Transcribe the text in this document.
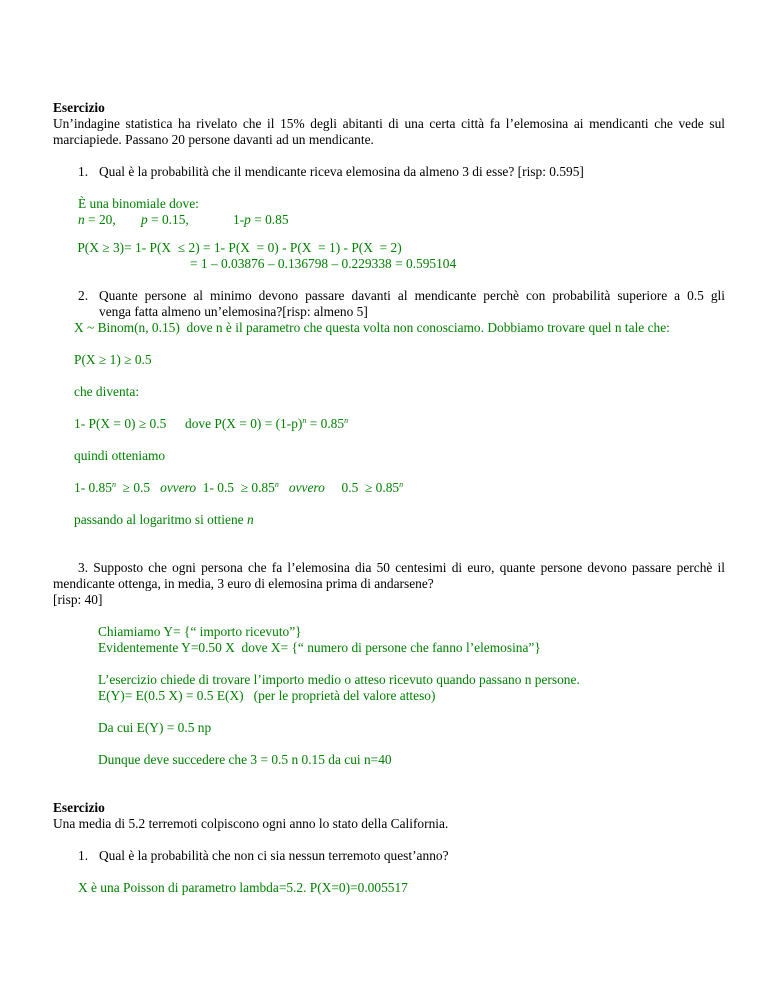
Esercizio
Un’indagine statistica ha rivelato che il 15% degli abitanti di una certa città fa l’elemosina ai mendicanti che vede sul
marciapiede. Passano 20 persone davanti ad un mendicante.
1. Qual è la probabilità che il mendicante riceva elemosina da almeno 3 di esse? [risp: 0.595]
È una binomiale dove:
n = 20, p = 0.15,	1-p = 0.85
P(X ≥ 3)= 1- P(X  ≤ 2) = 1- P(X  = 0) - P(X  = 1) - P(X  = 2)
= 1 – 0.03876 – 0.136798 – 0.229338 = 0.595104
2. Quante persone al minimo devono passare davanti al mendicante perchè con probabilità superiore a 0.5 gli
venga fatta almeno un’elemosina?[risp: almeno 5]
X ~ Binom(n, 0.15)  dove n è il parametro che questa volta non conosciamo. Dobbiamo trovare quel n tale che:
P(X ≥ 1) ≥ 0.5
che diventa:
1- P(X = 0) ≥ 0.5 dove $P(X = 0) = (1-p)^n = 0.85^n$
quindi otteniamo
1- 0.85$^n$  ≥ 0.5   ovvero  1- $0.5 \ge 0.85^n$ ovvero     $0.5 \ge 0.85^n$
passando al logaritmo si ottiene n
3. Supposto che ogni persona che fa l’elemosina dia 50 centesimi di euro, quante persone devono passare perchè il
mendicante ottenga, in media, 3 euro di elemosina prima di andarsene?
[risp: 40]
Chiamiamo Y= {“ importo ricevuto”}
Evidentemente Y=0.50 X  dove X= {“ numero di persone che fanno l’elemosina”}
L’esercizio chiede di trovare l’importo medio o atteso ricevuto quando passano n persone.
E(Y)= E(0.5 X) = 0.5 E(X)   (per le proprietà del valore atteso)
Da cui E(Y) = 0.5 np
Dunque deve succedere che 3 = 0.5 n 0.15 da cui n=40
Esercizio
Una media di 5.2 terremoti colpiscono ogni anno lo stato della California.
1. Qual è la probabilità che non ci sia nessun terremoto quest’anno?
X è una Poisson di parametro lambda=5.2. P(X=0)=0.005517
